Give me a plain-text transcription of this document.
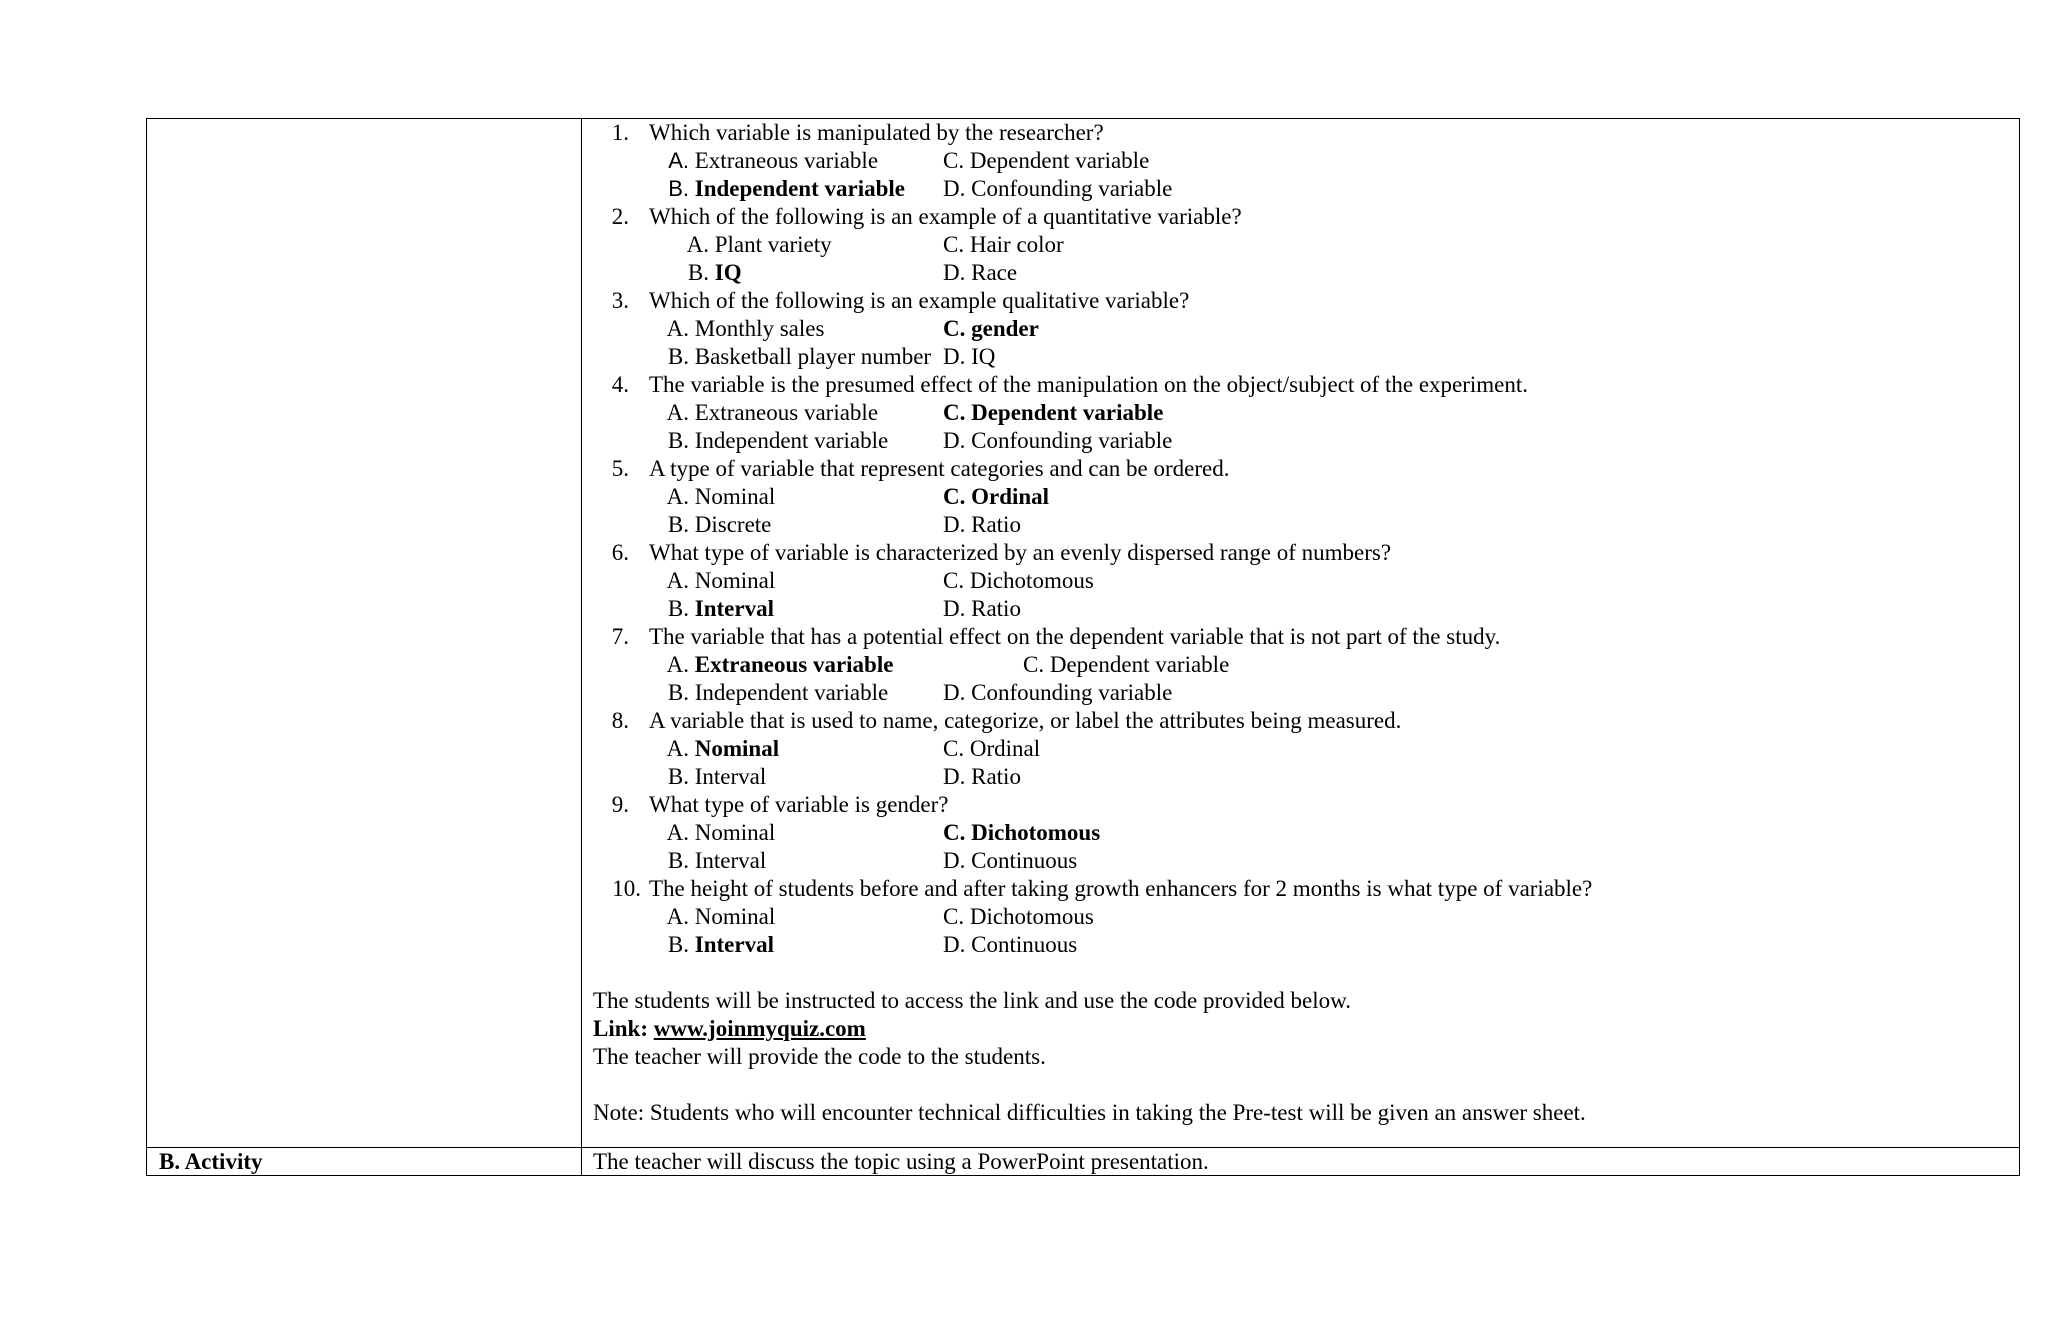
1. Which variable is manipulated by the researcher?
A. Extraneous variable	C. Dependent variable
B. Independent variable D. Confounding variable
2. Which of the following is an example of a quantitative variable?
A. Plant variety	C. Hair color
B. IQ	D. Race
3. Which of the following is an example qualitative variable?
A. Monthly sales	C. gender
B. Basketball player number D. IQ
4. The variable is the presumed effect of the manipulation on the object/subject of the experiment.
A. Extraneous variable	C. Dependent variable
B. Independent variable D. Confounding variable
5. A type of variable that represent categories and can be ordered.
A. Nominal	C. Ordinal
B. Discrete	D. Ratio
6. What type of variable is characterized by an evenly dispersed range of numbers?
A. Nominal	C. Dichotomous
B. Interval	D. Ratio
7. The variable that has a potential effect on the dependent variable that is not part of the study.
A. Extraneous variable	C. Dependent variable
B. Independent variable D. Confounding variable
8. A variable that is used to name, categorize, or label the attributes being measured.
A. Nominal	C. Ordinal
B. Interval	D. Ratio
9. What type of variable is gender?
A. Nominal	C. Dichotomous
B. Interval	D. Continuous
10. The height of students before and after taking growth enhancers for 2 months is what type of variable?
A. Nominal	C. Dichotomous
B. Interval	D. Continuous
The students will be instructed to access the link and use the code provided below.
Link: www.joinmyquiz.com
The teacher will provide the code to the students.
Note: Students who will encounter technical difficulties in taking the Pre-test will be given an answer sheet.
B. Activity	The teacher will discuss the topic using a PowerPoint presentation.
